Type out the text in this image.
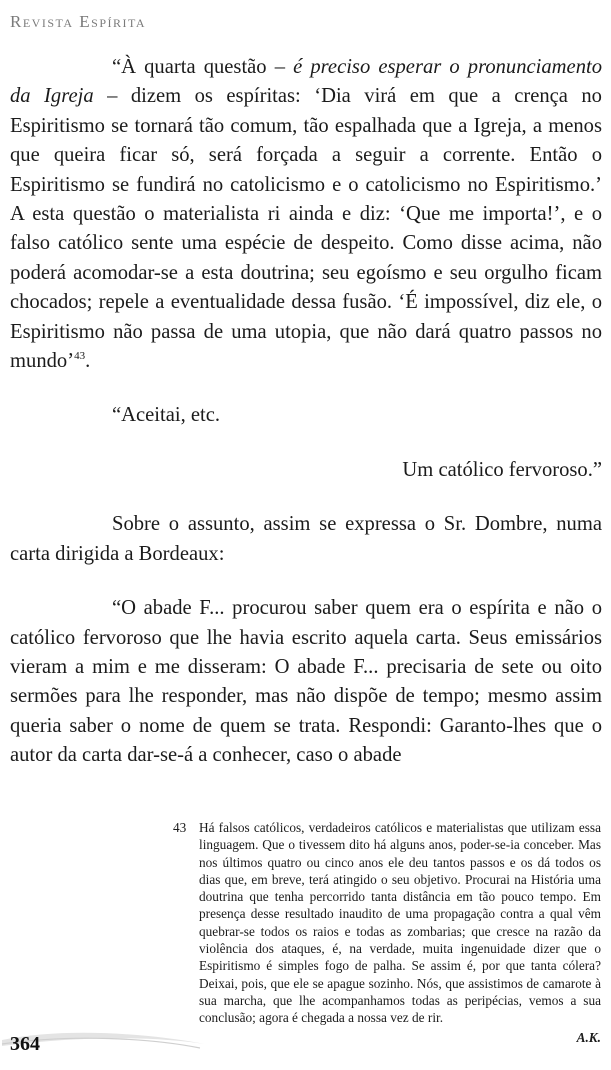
Revista Espírita

“À quarta questão – é preciso esperar o pronunciamento da Igreja – dizem os espíritas: ‘Dia virá em que a crença no Espiritismo se tornará tão comum, tão espalhada que a Igreja, a menos que queira ficar só, será forçada a seguir a corrente. Então o Espiritismo se fundirá no catolicismo e o catolicismo no Espiritismo.’ A esta questão o materialista ri ainda e diz: ‘Que me importa!’, e o falso católico sente uma espécie de despeito. Como disse acima, não poderá acomodar-se a esta doutrina; seu egoísmo e seu orgulho ficam chocados; repele a eventualidade dessa fusão. ‘É impossível, diz ele, o Espiritismo não passa de uma utopia, que não dará quatro passos no mundo’$^{43}$.

“Aceitai, etc.

Um católico fervoroso.”

Sobre o assunto, assim se expressa o Sr. Dombre, numa carta dirigida a Bordeaux:

“O abade F... procurou saber quem era o espírita e não o católico fervoroso que lhe havia escrito aquela carta. Seus emissários vieram a mim e me disseram: O abade F... precisaria de sete ou oito sermões para lhe responder, mas não dispõe de tempo; mesmo assim queria saber o nome de quem se trata. Respondi: Garanto-lhes que o autor da carta dar-se-á a conhecer, caso o abade

43 Há falsos católicos, verdadeiros católicos e materialistas que utilizam essa linguagem. Que o tivessem dito há alguns anos, poder-se-ia conceber. Mas nos últimos quatro ou cinco anos ele deu tantos passos e os dá todos os dias que, em breve, terá atingido o seu objetivo. Procurai na História uma doutrina que tenha percorrido tanta distância em tão pouco tempo. Em presença desse resultado inaudito de uma propagação contra a qual vêm quebrar-se todos os raios e todas as zombarias; que cresce na razão da violência dos ataques, é, na verdade, muita ingenuidade dizer que o Espiritismo é simples fogo de palha. Se assim é, por que tanta cólera? Deixai, pois, que ele se apague sozinho. Nós, que assistimos de camarote à sua marcha, que lhe acompanhamos todas as peripécias, vemos a sua conclusão; agora é chegada a nossa vez de rir.
A.K.
364
